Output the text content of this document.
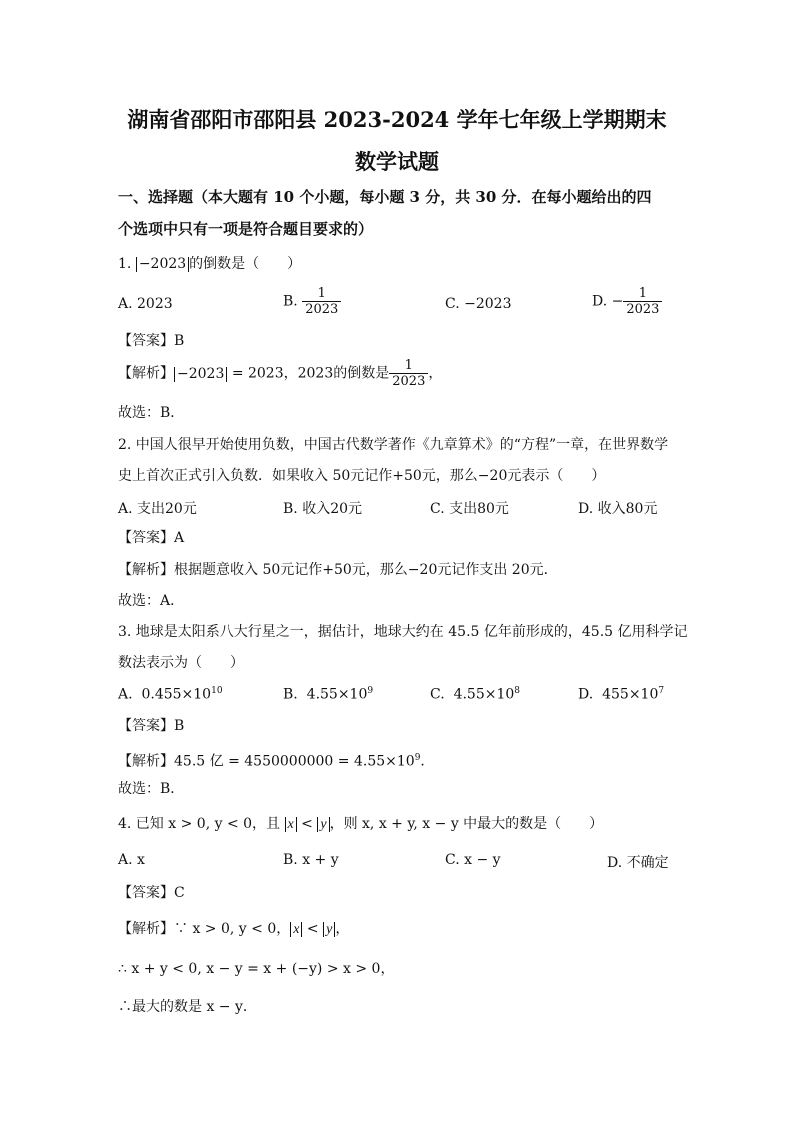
湖南省邵阳市邵阳县 2023-2024 学年七年级上学期期末
数学试题
一、选择题（本大题有 10 个小题，每小题 3 分，共 30 分．在每小题给出的四
个选项中只有一项是符合题目要求的）
1. −2023 的倒数是（　　）
A. 2023	B. $\frac{1}{2023}$	C. −2023	D. − $\frac{1}{2023}$
【答案】B
【解析】 −2023 = 2023，2023的倒数是 $\frac{1}{2023}$ ，
故选：B．
2. 中国人很早开始使用负数，中国古代数学著作《九章算术》的“方程”一章，在世界数学
史上首次正式引入负数．如果收入 50元记作+50元，那么−20元表示（　　）
A. 支出20元	B. 收入20元	C. 支出80元	D. 收入80元
【答案】A
【解析】根据题意收入 50元记作+50元，那么−20元记作支出 20元．
故选：A．
3. 地球是太阳系八大行星之一，据估计，地球大约在 45.5 亿年前形成的，45.5 亿用科学记
数法表示为（　　）
A. $0.455\times 10^{10}$	B. $4.55\times 10^9$	C. $4.55\times 10^8$	D. $455\times 10^7$
【答案】B
【解析】45.5 亿 = $4550000000 = 4.55\times 10^9$．
故选：B．
4. 已知 x > 0, y < 0，且 x < y ，则 x, x + y, x − y 中最大的数是（　　）
A. x	B. x + y	C. x − y	D. 不确定
【答案】C
【解析】∵ x > 0, y < 0， x < y ，
∴ x + y < 0, x − y = x + (−y) > x > 0，
∴最大的数是 x − y．
